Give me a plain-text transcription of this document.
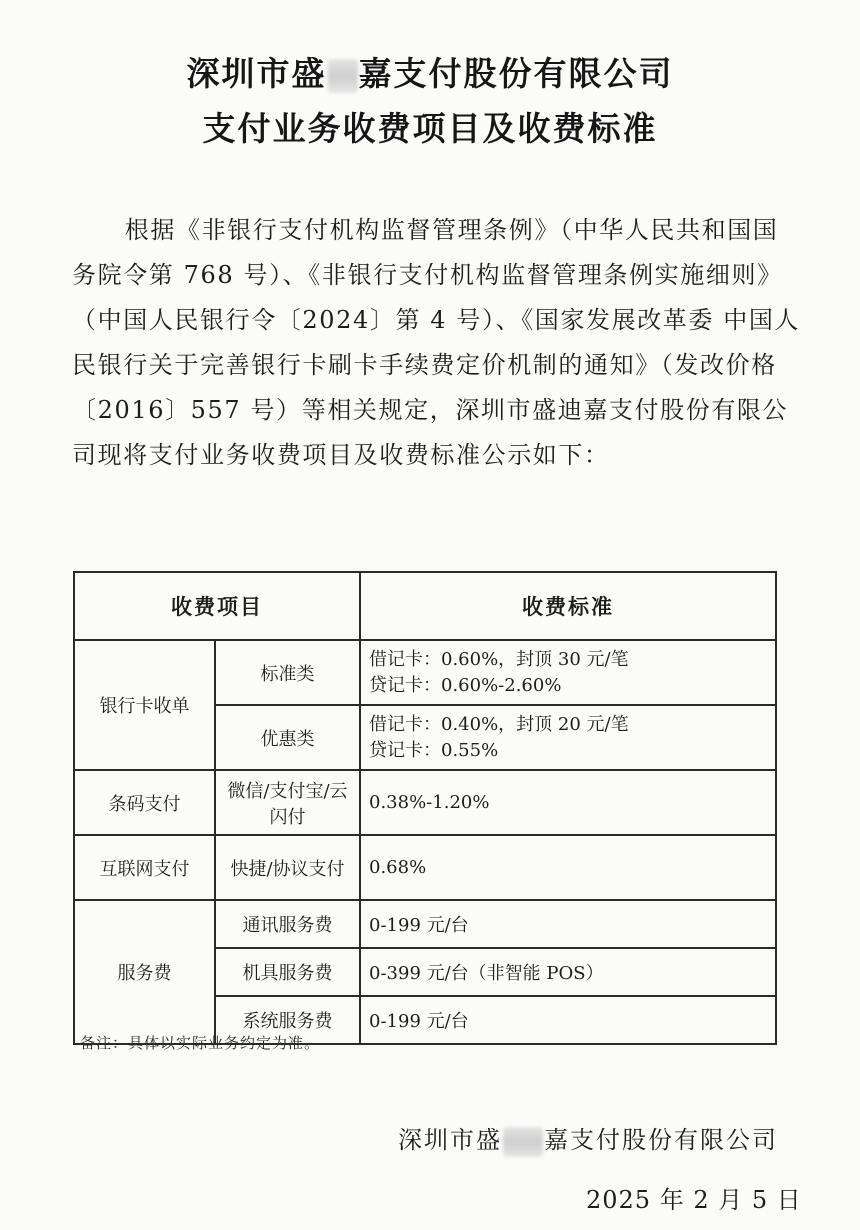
深圳市盛 嘉支付股份有限公司
支付业务收费项目及收费标准

根据《非银行支付机构监督管理条例》（中华人民共和国国务院令第 768 号）、《非银行支付机构监督管理条例实施细则》（中国人民银行令〔2024〕第 4 号）、《国家发展改革委 中国人民银行关于完善银行卡刷卡手续费定价机制的通知》（发改价格〔2016〕557 号）等相关规定，深圳市盛迪嘉支付股份有限公司现将支付业务收费项目及收费标准公示如下：

收费项目		收费标准
银行卡收单	标准类	借记卡：0.60%，封顶 30 元/笔
贷记卡：0.60%-2.60%

	优惠类	借记卡：0.40%，封顶 20 元/笔
贷记卡：0.55%

条码支付	微信/支付宝/云闪付	0.38%-1.20%
互联网支付	快捷/协议支付	0.68%
服务费	通讯服务费	0-199 元/台
	机具服务费	0-399 元/台（非智能 POS）
	系统服务费	0-199 元/台
备注：具体以实际业务约定为准。
深圳市盛 嘉支付股份有限公司
2025 年 2 月 5 日
